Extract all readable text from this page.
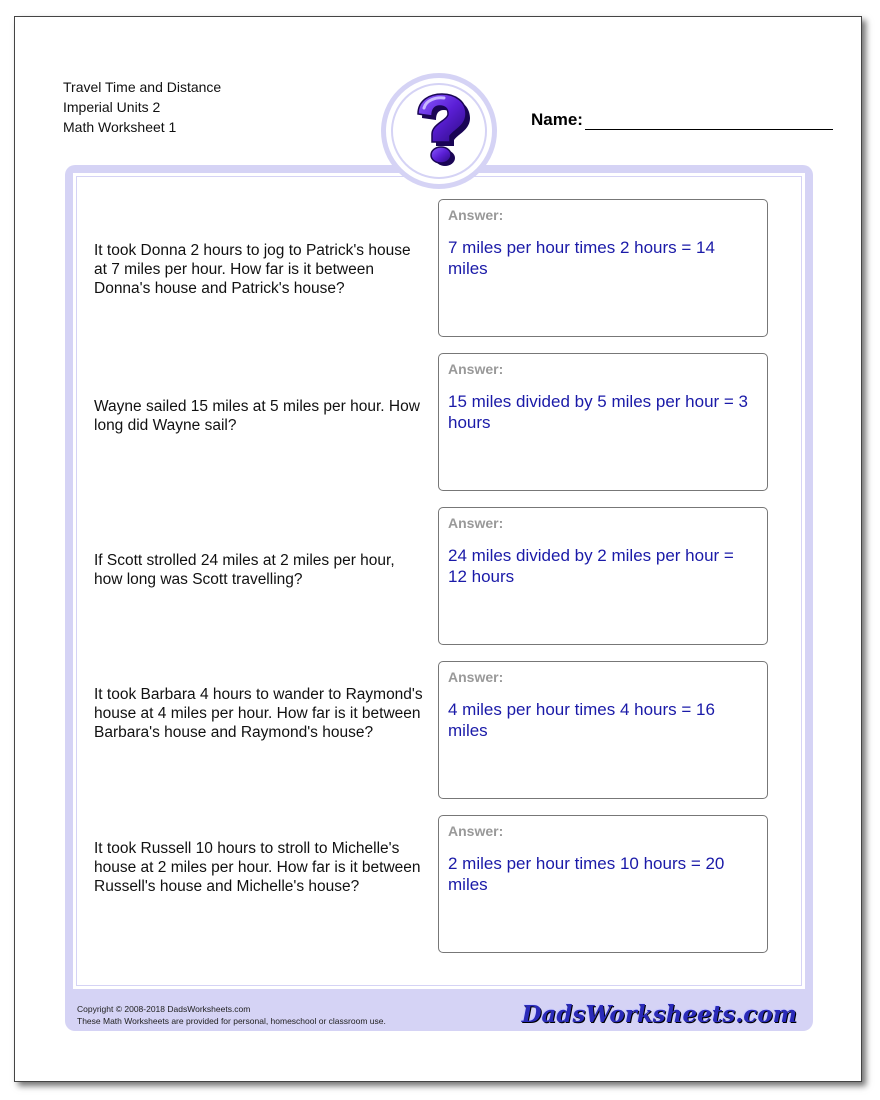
Travel Time and Distance
Imperial Units 2
Math Worksheet 1	Name:
It took Donna 2 hours to jog to Patrick's house at 7 miles per hour. How far is it between Donna's house and Patrick's house?
Answer:
7 miles per hour times 2 hours = 14 miles
Wayne sailed 15 miles at 5 miles per hour. How long did Wayne sail?
Answer:
15 miles divided by 5 miles per hour = 3 hours
If Scott strolled 24 miles at 2 miles per hour, how long was Scott travelling?
Answer:
24 miles divided by 2 miles per hour = 12 hours
It took Barbara 4 hours to wander to Raymond's house at 4 miles per hour. How far is it between Barbara's house and Raymond's house?
Answer:
4 miles per hour times 4 hours = 16 miles
It took Russell 10 hours to stroll to Michelle's house at 2 miles per hour. How far is it between Russell's house and Michelle's house?
Answer:
2 miles per hour times 10 hours = 20 miles
Copyright © 2008-2018 DadsWorksheets.com
These Math Worksheets are provided for personal, homeschool or classroom use.	DadsWorksheets.com
